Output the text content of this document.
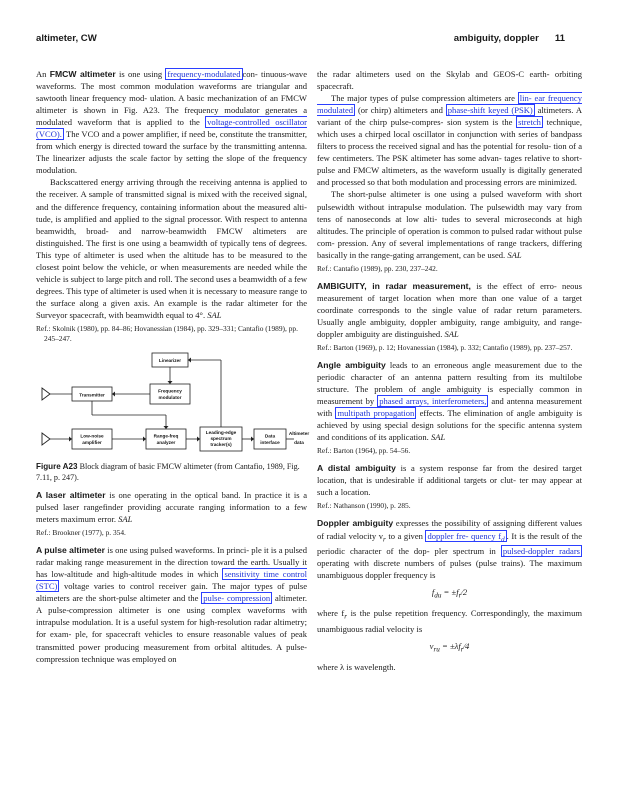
altimeter, CW	ambiguity, doppler 11

An FMCW altimeter is one using frequency-modulated con- tinuous-wave waveforms. The most common modulation waveforms are triangular and sawtooth linear frequency mod- ulation. A basic mechanization of an FMCW altimeter is shown in Fig. A23. The frequency modulator generates a modulated waveform that is applied to the voltage-controlled oscillator (VCO). The VCO and a power amplifier, if need be, constitute the transmitter, from which energy is directed toward the surface by the transmitting antenna. The linearizer adjusts the scale factor by setting the slope of the frequency modulation.

Backscattered energy arriving through the receiving antenna is applied to the receiver. A sample of transmitted signal is mixed with the received signal, and the difference frequency, containing information about the measured alti- tude, is amplified and applied to the signal processor. With respect to antenna beamwidth, broad- and narrow-beamwidth FMCW altimeters are distinguished. The first is one using a beamwidth of typically tens of degrees. This type of altimeter is used when the altitude has to be measured to the closest point below the vehicle, or when measurements are needed while the vehicle is subject to large pitch and roll. The second uses a beamwidth of a few degrees. This type of altimeter is used when it is necessary to measure range to the surface along a given axis. An example is the radar altimeter for the Surveyor spacecraft, with beamwidth equal to 4°. SAL

Ref.: Skolnik (1980), pp. 84–86; Hovanessian (1984), pp. 329–331; Cantafio (1989), pp. 245–247.

Linearizer
Transmitter
Frequency
modulator
Low-noise
amplifier
Range-freq
analyzer
Leading-edge
spectrum
tracker(s)
Data
interface
Altimeter
data

Figure A23 Block diagram of basic FMCW altimeter (from Cantafio, 1989, Fig. 7.11, p. 247).

A laser altimeter is one operating in the optical band. In practice it is a pulsed laser rangefinder providing accurate ranging information to a few meters maximum error. SAL

Ref.: Brookner (1977), p. 354.

A pulse altimeter is one using pulsed waveforms. In princi- ple it is a pulsed radar making range measurement in the direction toward the earth. Usually it has low-altitude and high-altitude modes in which sensitivity time control (STC) voltage varies to control receiver gain. The major types of pulse altimeters are the short-pulse altimeter and the pulse- compression altimeter. A pulse-compression altimeter is one using complex waveforms with intrapulse modulation. It is a useful system for high-resolution radar altimetry; for exam- ple, for spacecraft vehicles to ensure reasonable values of peak transmitted power producing measurement from orbital altitudes. A pulse-compression technique was employed on

the radar altimeters used on the Skylab and GEOS-C earth- orbiting spacecraft.

The major types of pulse compression altimeters are lin- ear frequency modulated (or chirp) altimeters and phase-shift keyed (PSK) altimeters. A variant of the chirp pulse-compres- sion system is the stretch technique, which uses a chirped local oscillator in conjunction with series of bandpass filters to process the received signal and has the potential for resolu- tion of a few centimeters. The PSK altimeter has some advan- tages relative to short-pulse and FMCW altimeters, as the waveform usually is digitally generated and processed so that both modulation and processing errors are minimized.

The short-pulse altimeter is one using a pulsed waveform with short pulsewidth without intrapulse modulation. The pulsewidth may vary from tens of nanoseconds at low alti- tudes to several microseconds at high altitudes. The principle of operation is common to pulsed radar without pulse com- pression. Any of several implementations of range trackers, differing basically in the range-gating arrangement, can be used. SAL

Ref.: Cantafio (1989), pp. 230, 237–242.

AMBIGUITY, in radar measurement, is the effect of erro- neous measurement of target location when more than one value of a target coordinate corresponds to the single value of radar return parameters. Usually angle ambiguity, doppler ambiguity, range ambiguity, and range-doppler ambiguity are distinguished. SAL

Ref.: Barton (1969), p. 12; Hovanessian (1984), p. 332; Cantafio (1989), pp. 237–257.

Angle ambiguity leads to an erroneous angle measurement due to the periodic character of an antenna pattern resulting from its multilobe structure. The problem of angle ambiguity is especially common in measurement by phased arrays, interferometers, and antenna measurement with multipath propagation effects. The elimination of angle ambiguity is achieved by using special design solutions for the specific antenna system and conditions of its application. SAL

Ref.: Barton (1964), pp. 54–56.

A distal ambiguity is a system response far from the desired target location, that is undesirable if additional targets or clut- ter may appear at such a location.

Ref.: Nathanson (1990), p. 285.

Doppler ambiguity expresses the possibility of assigning different values of radial velocity $v_r$ to a given doppler fre- quency $f_d$ . It is the result of the periodic character of the dop- pler spectrum in pulsed-doppler radars operating with discrete numbers of pulses (pulse trains). The maximum unambiguous doppler frequency is

$f_{du}$ = $\pm f_r⁄2$

where $f_r$ is the pulse repetition frequency. Correspondingly, the maximum unambiguous radial velocity is

$v_{ru}$ = $\pm\lambda f_r⁄4$

where λ is wavelength.
